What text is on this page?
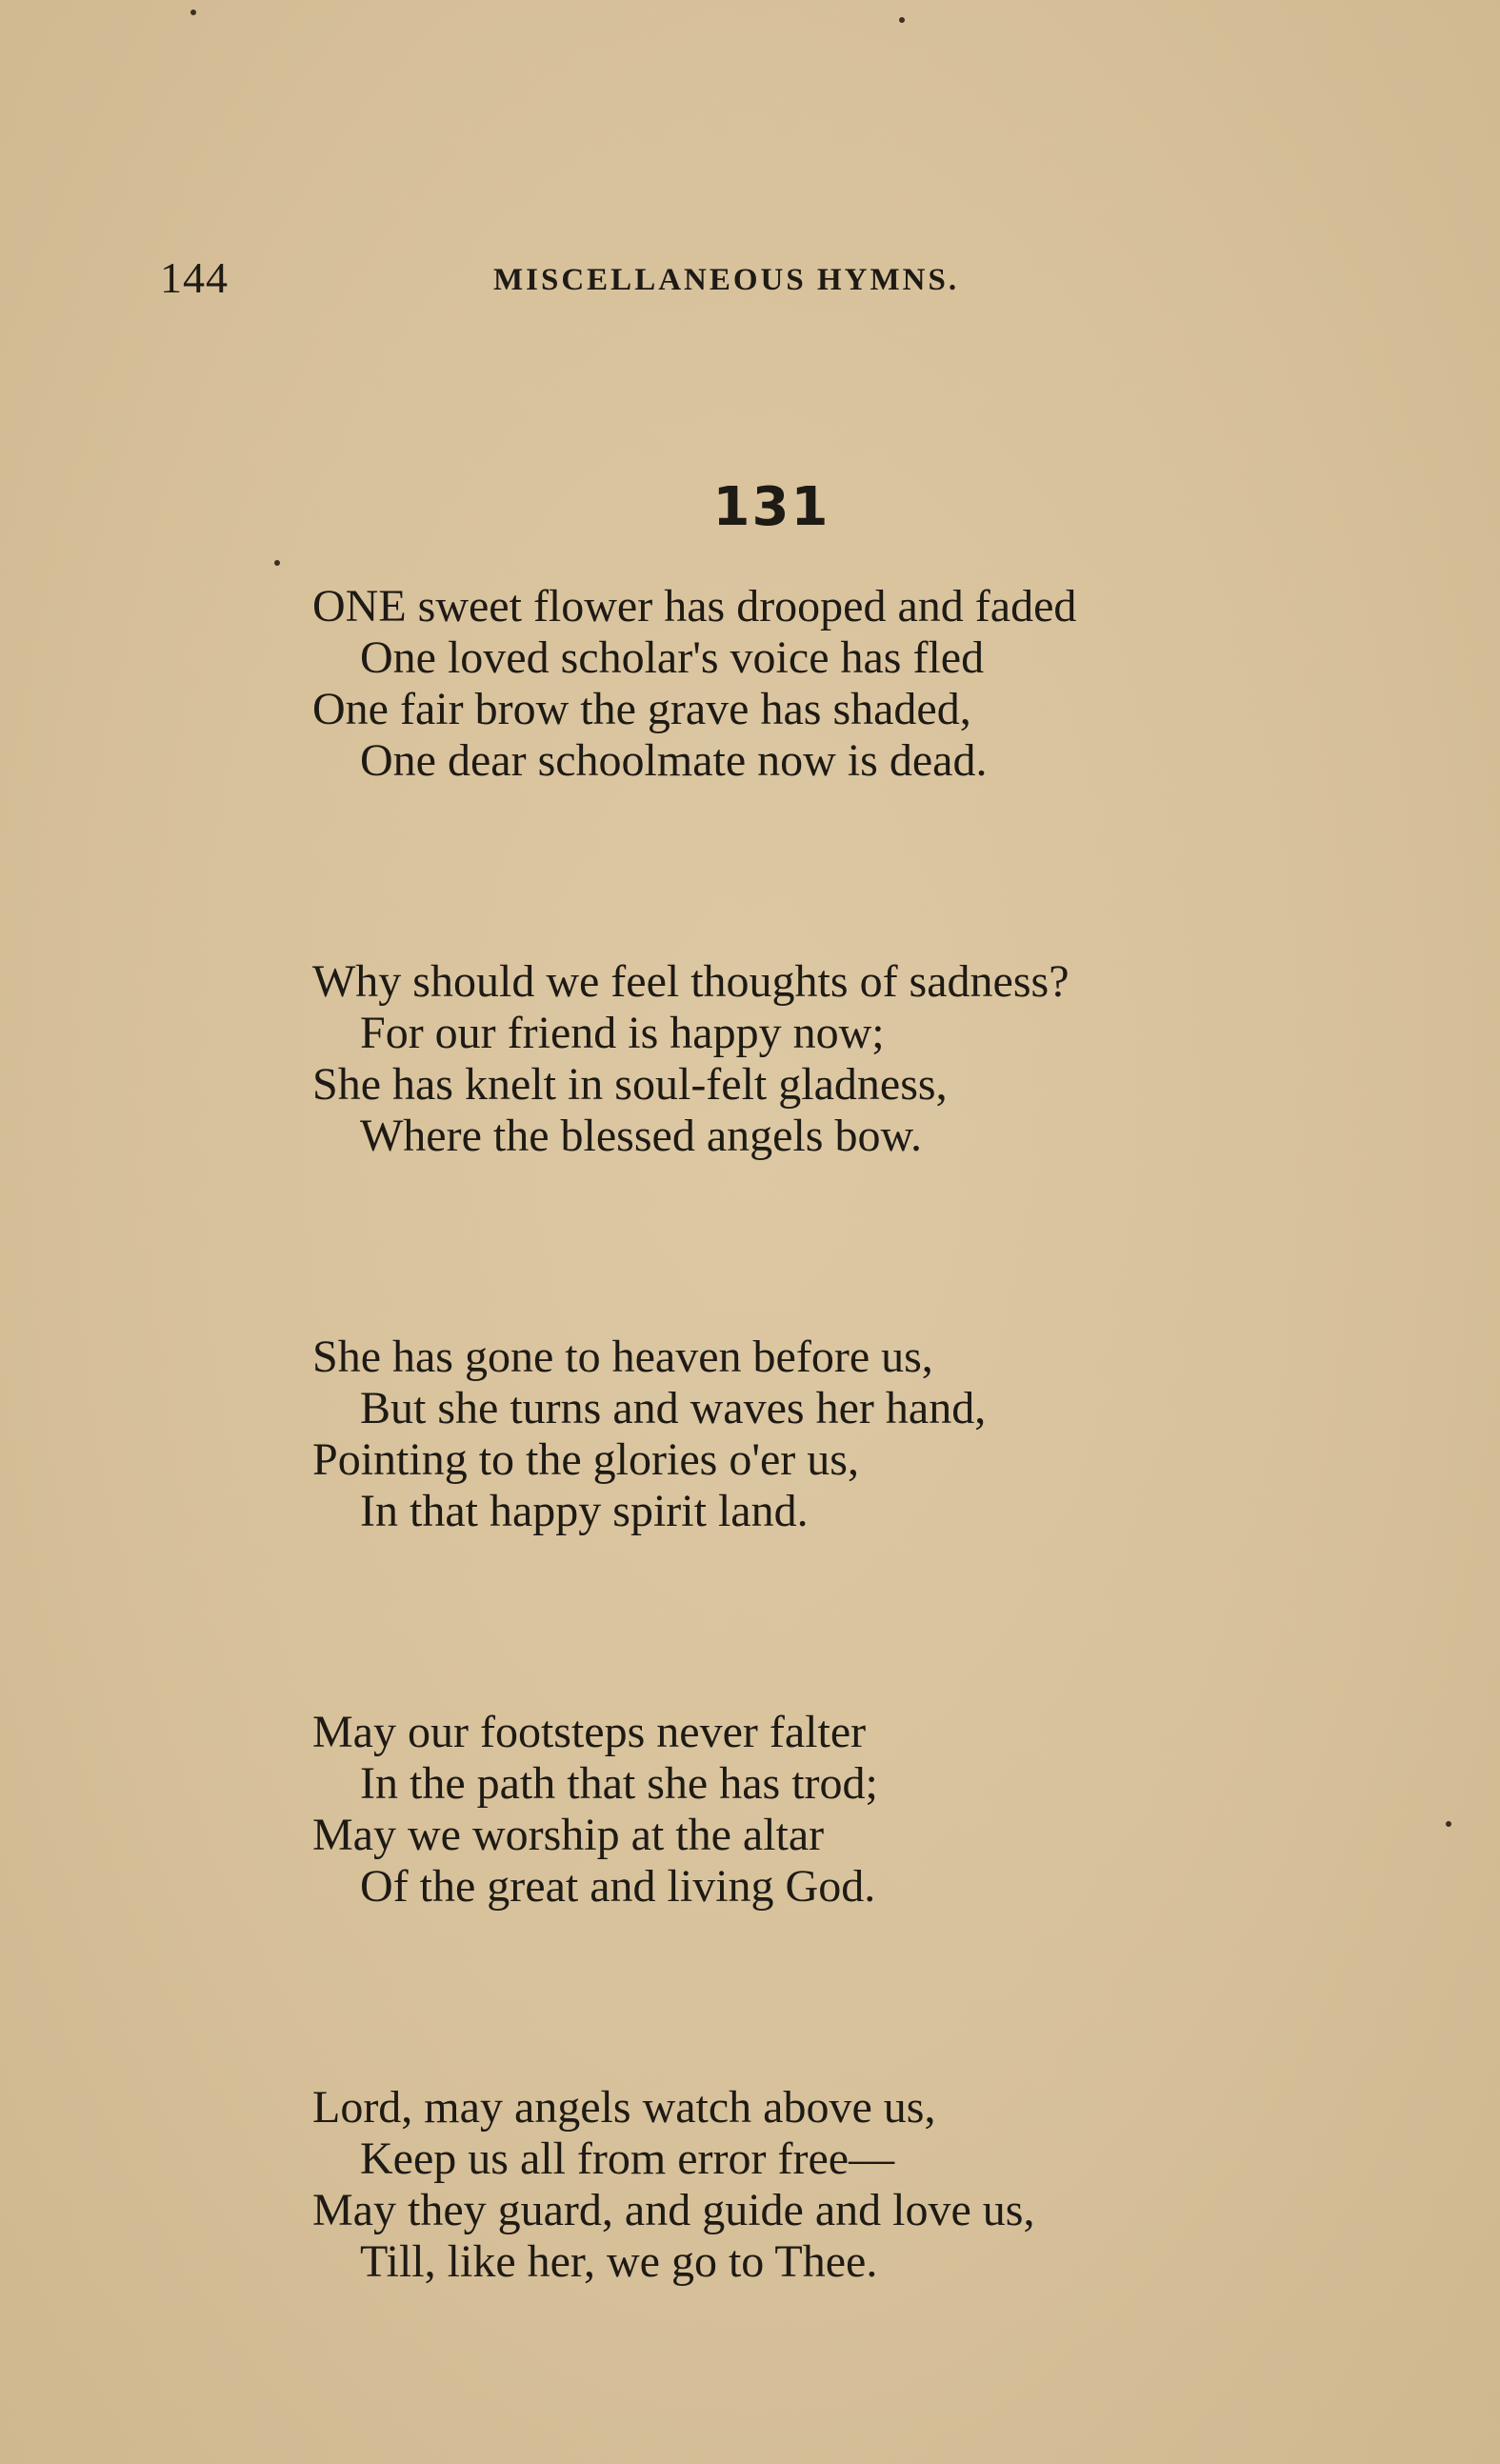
144	MISCELLANEOUS HYMNS.
131
ONE sweet flower has drooped and faded
One loved scholar's voice has fled
One fair brow the grave has shaded,
One dear schoolmate now is dead.
Why should we feel thoughts of sadness?
For our friend is happy now;
She has knelt in soul-felt gladness,
Where the blessed angels bow.
She has gone to heaven before us,
But she turns and waves her hand,
Pointing to the glories o'er us,
In that happy spirit land.
May our footsteps never falter
In the path that she has trod;
May we worship at the altar
Of the great and living God.
Lord, may angels watch above us,
Keep us all from error free—
May they guard, and guide and love us,
Till, like her, we go to Thee.
